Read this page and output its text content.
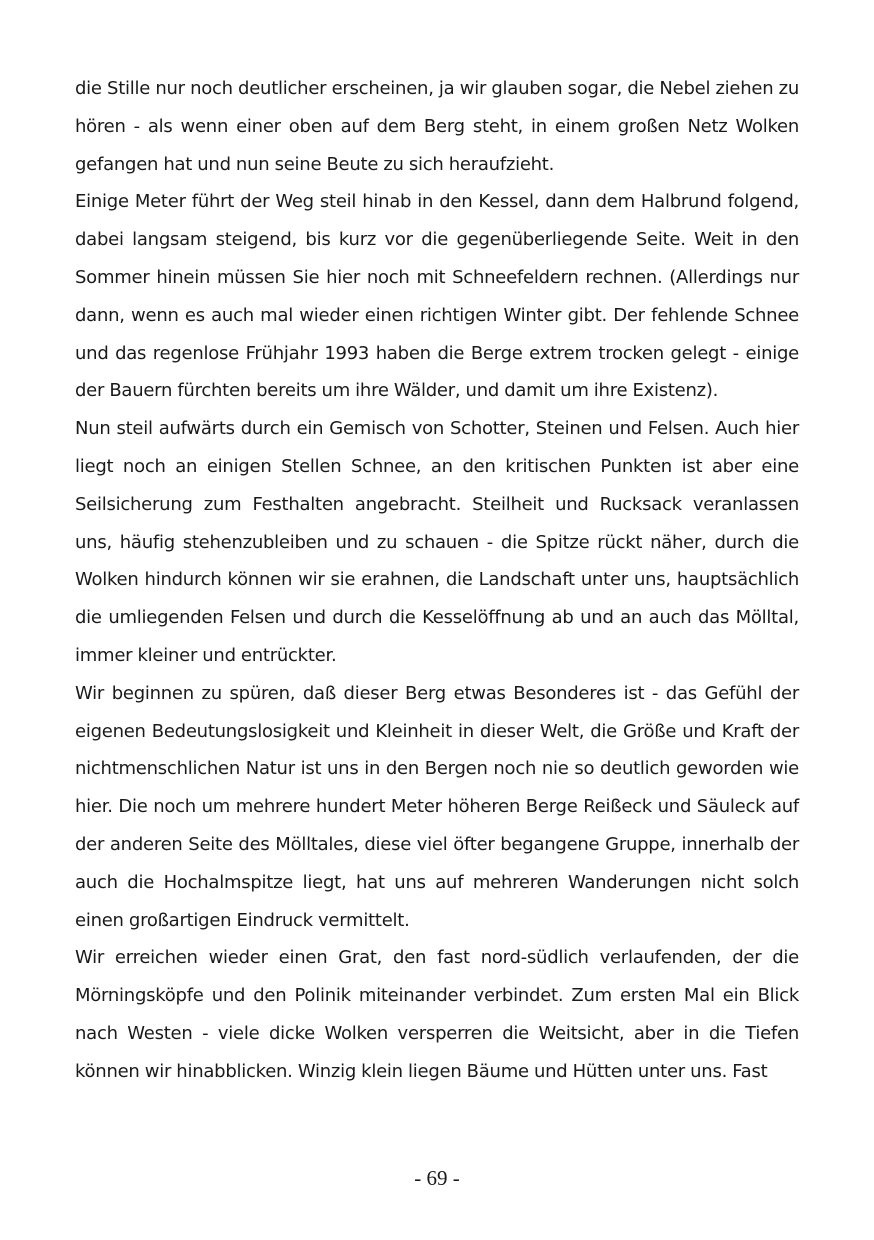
die Stille nur noch deutlicher erscheinen, ja wir glauben sogar, die Nebel ziehen zu hören - als wenn einer oben auf dem Berg steht, in einem großen Netz Wolken gefangen hat und nun seine Beute zu sich heraufzieht.

Einige Meter führt der Weg steil hinab in den Kessel, dann dem Halbrund folgend, dabei langsam steigend, bis kurz vor die gegenüberliegende Seite. Weit in den Sommer hinein müssen Sie hier noch mit Schneefeldern rechnen. (Allerdings nur dann, wenn es auch mal wieder einen richtigen Winter gibt. Der fehlende Schnee und das regenlose Frühjahr 1993 haben die Berge extrem trocken gelegt - einige der Bauern fürchten bereits um ihre Wälder, und damit um ihre Existenz).

Nun steil aufwärts durch ein Gemisch von Schotter, Steinen und Felsen. Auch hier liegt noch an einigen Stellen Schnee, an den kritischen Punkten ist aber eine Seilsicherung zum Festhalten angebracht. Steilheit und Rucksack veranlassen uns, häufig stehenzubleiben und zu schauen - die Spitze rückt näher, durch die Wolken hindurch können wir sie erahnen, die Landschaft unter uns, hauptsächlich die umliegenden Felsen und durch die Kesselöffnung ab und an auch das Mölltal, immer kleiner und entrückter.

Wir beginnen zu spüren, daß dieser Berg etwas Besonderes ist - das Gefühl der eigenen Bedeutungslosigkeit und Kleinheit in dieser Welt, die Größe und Kraft der nichtmenschlichen Natur ist uns in den Bergen noch nie so deutlich geworden wie hier. Die noch um mehrere hundert Meter höheren Berge Reißeck und Säuleck auf der anderen Seite des Mölltales, diese viel öfter begangene Gruppe, innerhalb der auch die Hochalmspitze liegt, hat uns auf mehreren Wanderungen nicht solch einen großartigen Eindruck vermittelt.

Wir erreichen wieder einen Grat, den fast nord-südlich verlaufenden, der die Mörningsköpfe und den Polinik miteinander verbindet. Zum ersten Mal ein Blick nach Westen - viele dicke Wolken versperren die Weitsicht, aber in die Tiefen können wir hinabblicken. Winzig klein liegen Bäume und Hütten unter uns. Fast

- 69 -
